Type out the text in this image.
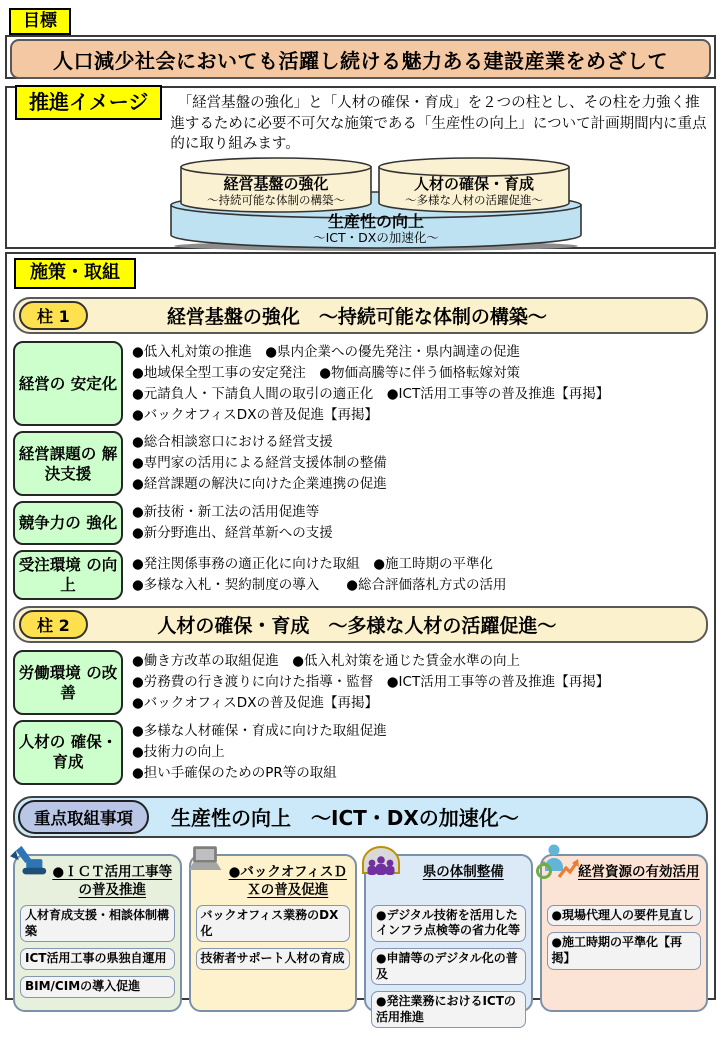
目標
人口減少社会においても活躍し続ける魅力ある建設産業をめざして
推進イメージ	　「経営基盤の強化」と「人材の確保・育成」を２つの柱とし、その柱を力強く推進するために必要不可欠な施策である「生産性の向上」について計画期間内に重点的に取り組みます。
経営基盤の強化
～持続可能な体制の構築～
人材の確保・育成
～多様な人材の活躍促進～
生産性の向上
～ICT・DXの加速化～
施策・取組
柱 1	経営基盤の強化　～持続可能な体制の構築～
経営の 安定化
●低入札対策の推進　●県内企業への優先発注・県内調達の促進
●地域保全型工事の安定発注　●物価高騰等に伴う価格転嫁対策
●元請負人・下請負人間の取引の適正化　●ICT活用工事等の普及推進【再掲】
●バックオフィスDXの普及促進【再掲】
経営課題の 解決支援
●総合相談窓口における経営支援
●専門家の活用による経営支援体制の整備
●経営課題の解決に向けた企業連携の促進
競争力の 強化
●新技術・新工法の活用促進等
●新分野進出、経営革新への支援
受注環境 の向上
●発注関係事務の適正化に向けた取組　●施工時期の平準化
●多様な入札・契約制度の導入　　●総合評価落札方式の活用
柱 2	人材の確保・育成　～多様な人材の活躍促進～
労働環境 の改善
●働き方改革の取組促進　●低入札対策を通じた賃金水準の向上
●労務費の行き渡りに向けた指導・監督　●ICT活用工事等の普及推進【再掲】
●バックオフィスDXの普及促進【再掲】
人材の 確保・育成
●多様な人材確保・育成に向けた取組促進
●技術力の向上
●担い手確保のためのPR等の取組
重点取組事項	生産性の向上　～ICT・DXの加速化～
●ＩＣＴ活用工事等の普及推進
人材育成支援・相談体制構築
ICT活用工事の県独自運用
BIM/CIMの導入促進
●バックオフィスＤＸの普及促進
バックオフィス業務のDX化
技術者サポート人材の育成
県の体制整備
●デジタル技術を活用したインフラ点検等の省力化等
●申請等のデジタル化の普及
●発注業務におけるICTの活用推進
経営資源の有効活用
●現場代理人の要件見直し
●施工時期の平準化【再掲】
